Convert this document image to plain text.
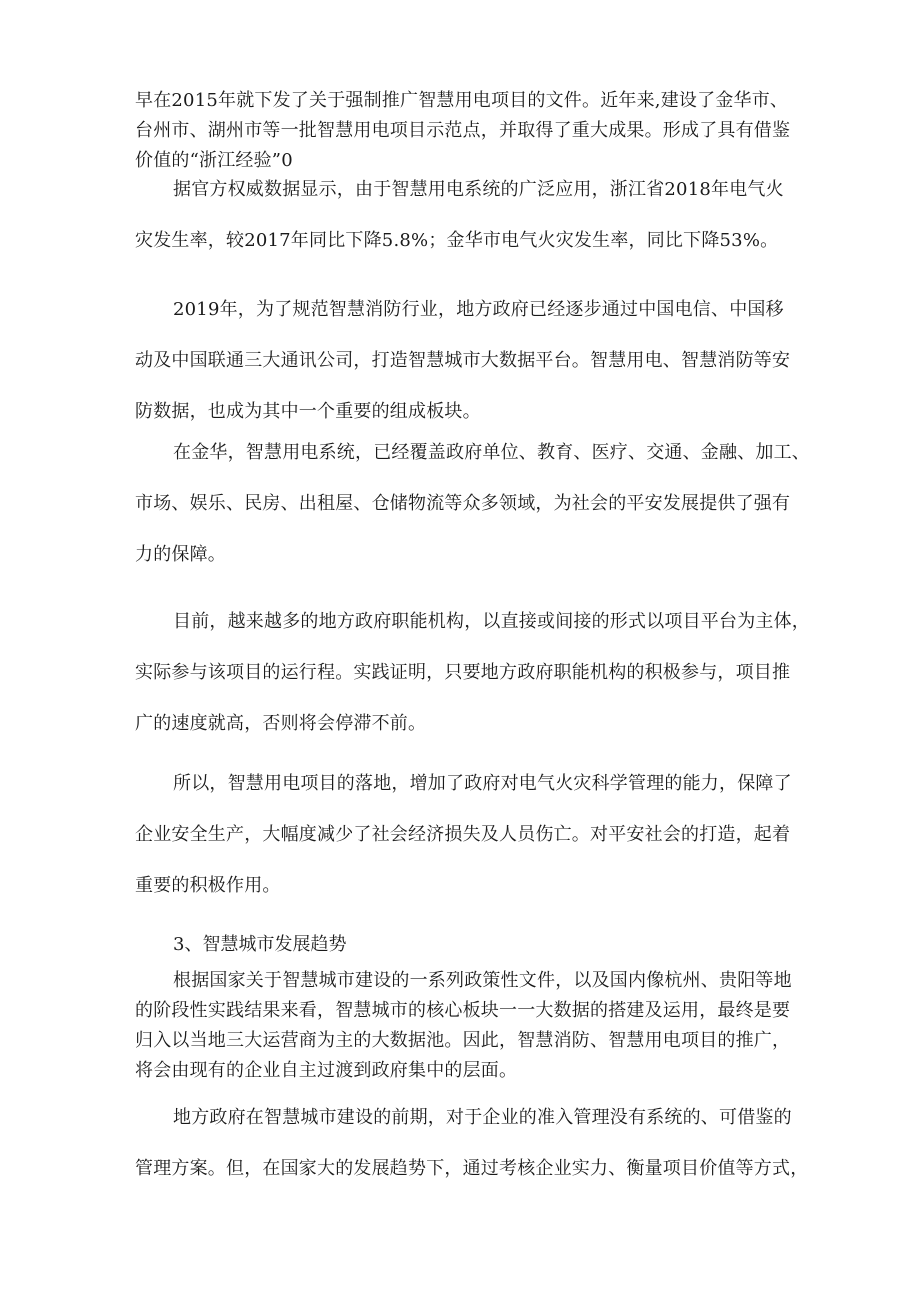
早在2015年就下发了关于强制推广智慧用电项目的文件。近年来,建设了金华市、
台州市、湖州市等一批智慧用电项目示范点，并取得了重大成果。形成了具有借鉴
价值的“浙江经验”0
据官方权威数据显示，由于智慧用电系统的广泛应用，浙江省2018年电气火
灾发生率，较2017年同比下降5.8%；金华市电气火灾发生率，同比下降53%。
2019年，为了规范智慧消防行业，地方政府已经逐步通过中国电信、中国移
动及中国联通三大通讯公司，打造智慧城市大数据平台。智慧用电、智慧消防等安
防数据，也成为其中一个重要的组成板块。
在金华，智慧用电系统，已经覆盖政府单位、教育、医疗、交通、金融、加工、
市场、娱乐、民房、出租屋、仓储物流等众多领域，为社会的平安发展提供了强有
力的保障。
目前，越来越多的地方政府职能机构，以直接或间接的形式以项目平台为主体，
实际参与该项目的运行程。实践证明，只要地方政府职能机构的积极参与，项目推
广的速度就高，否则将会停滞不前。
所以，智慧用电项目的落地，增加了政府对电气火灾科学管理的能力，保障了
企业安全生产，大幅度减少了社会经济损失及人员伤亡。对平安社会的打造，起着
重要的积极作用。
3、智慧城市发展趋势
根据国家关于智慧城市建设的一系列政策性文件，以及国内像杭州、贵阳等地
的阶段性实践结果来看，智慧城市的核心板块一一大数据的搭建及运用，最终是要
归入以当地三大运营商为主的大数据池。因此，智慧消防、智慧用电项目的推广，
将会由现有的企业自主过渡到政府集中的层面。
地方政府在智慧城市建设的前期，对于企业的准入管理没有系统的、可借鉴的
管理方案。但，在国家大的发展趋势下，通过考核企业实力、衡量项目价值等方式，
